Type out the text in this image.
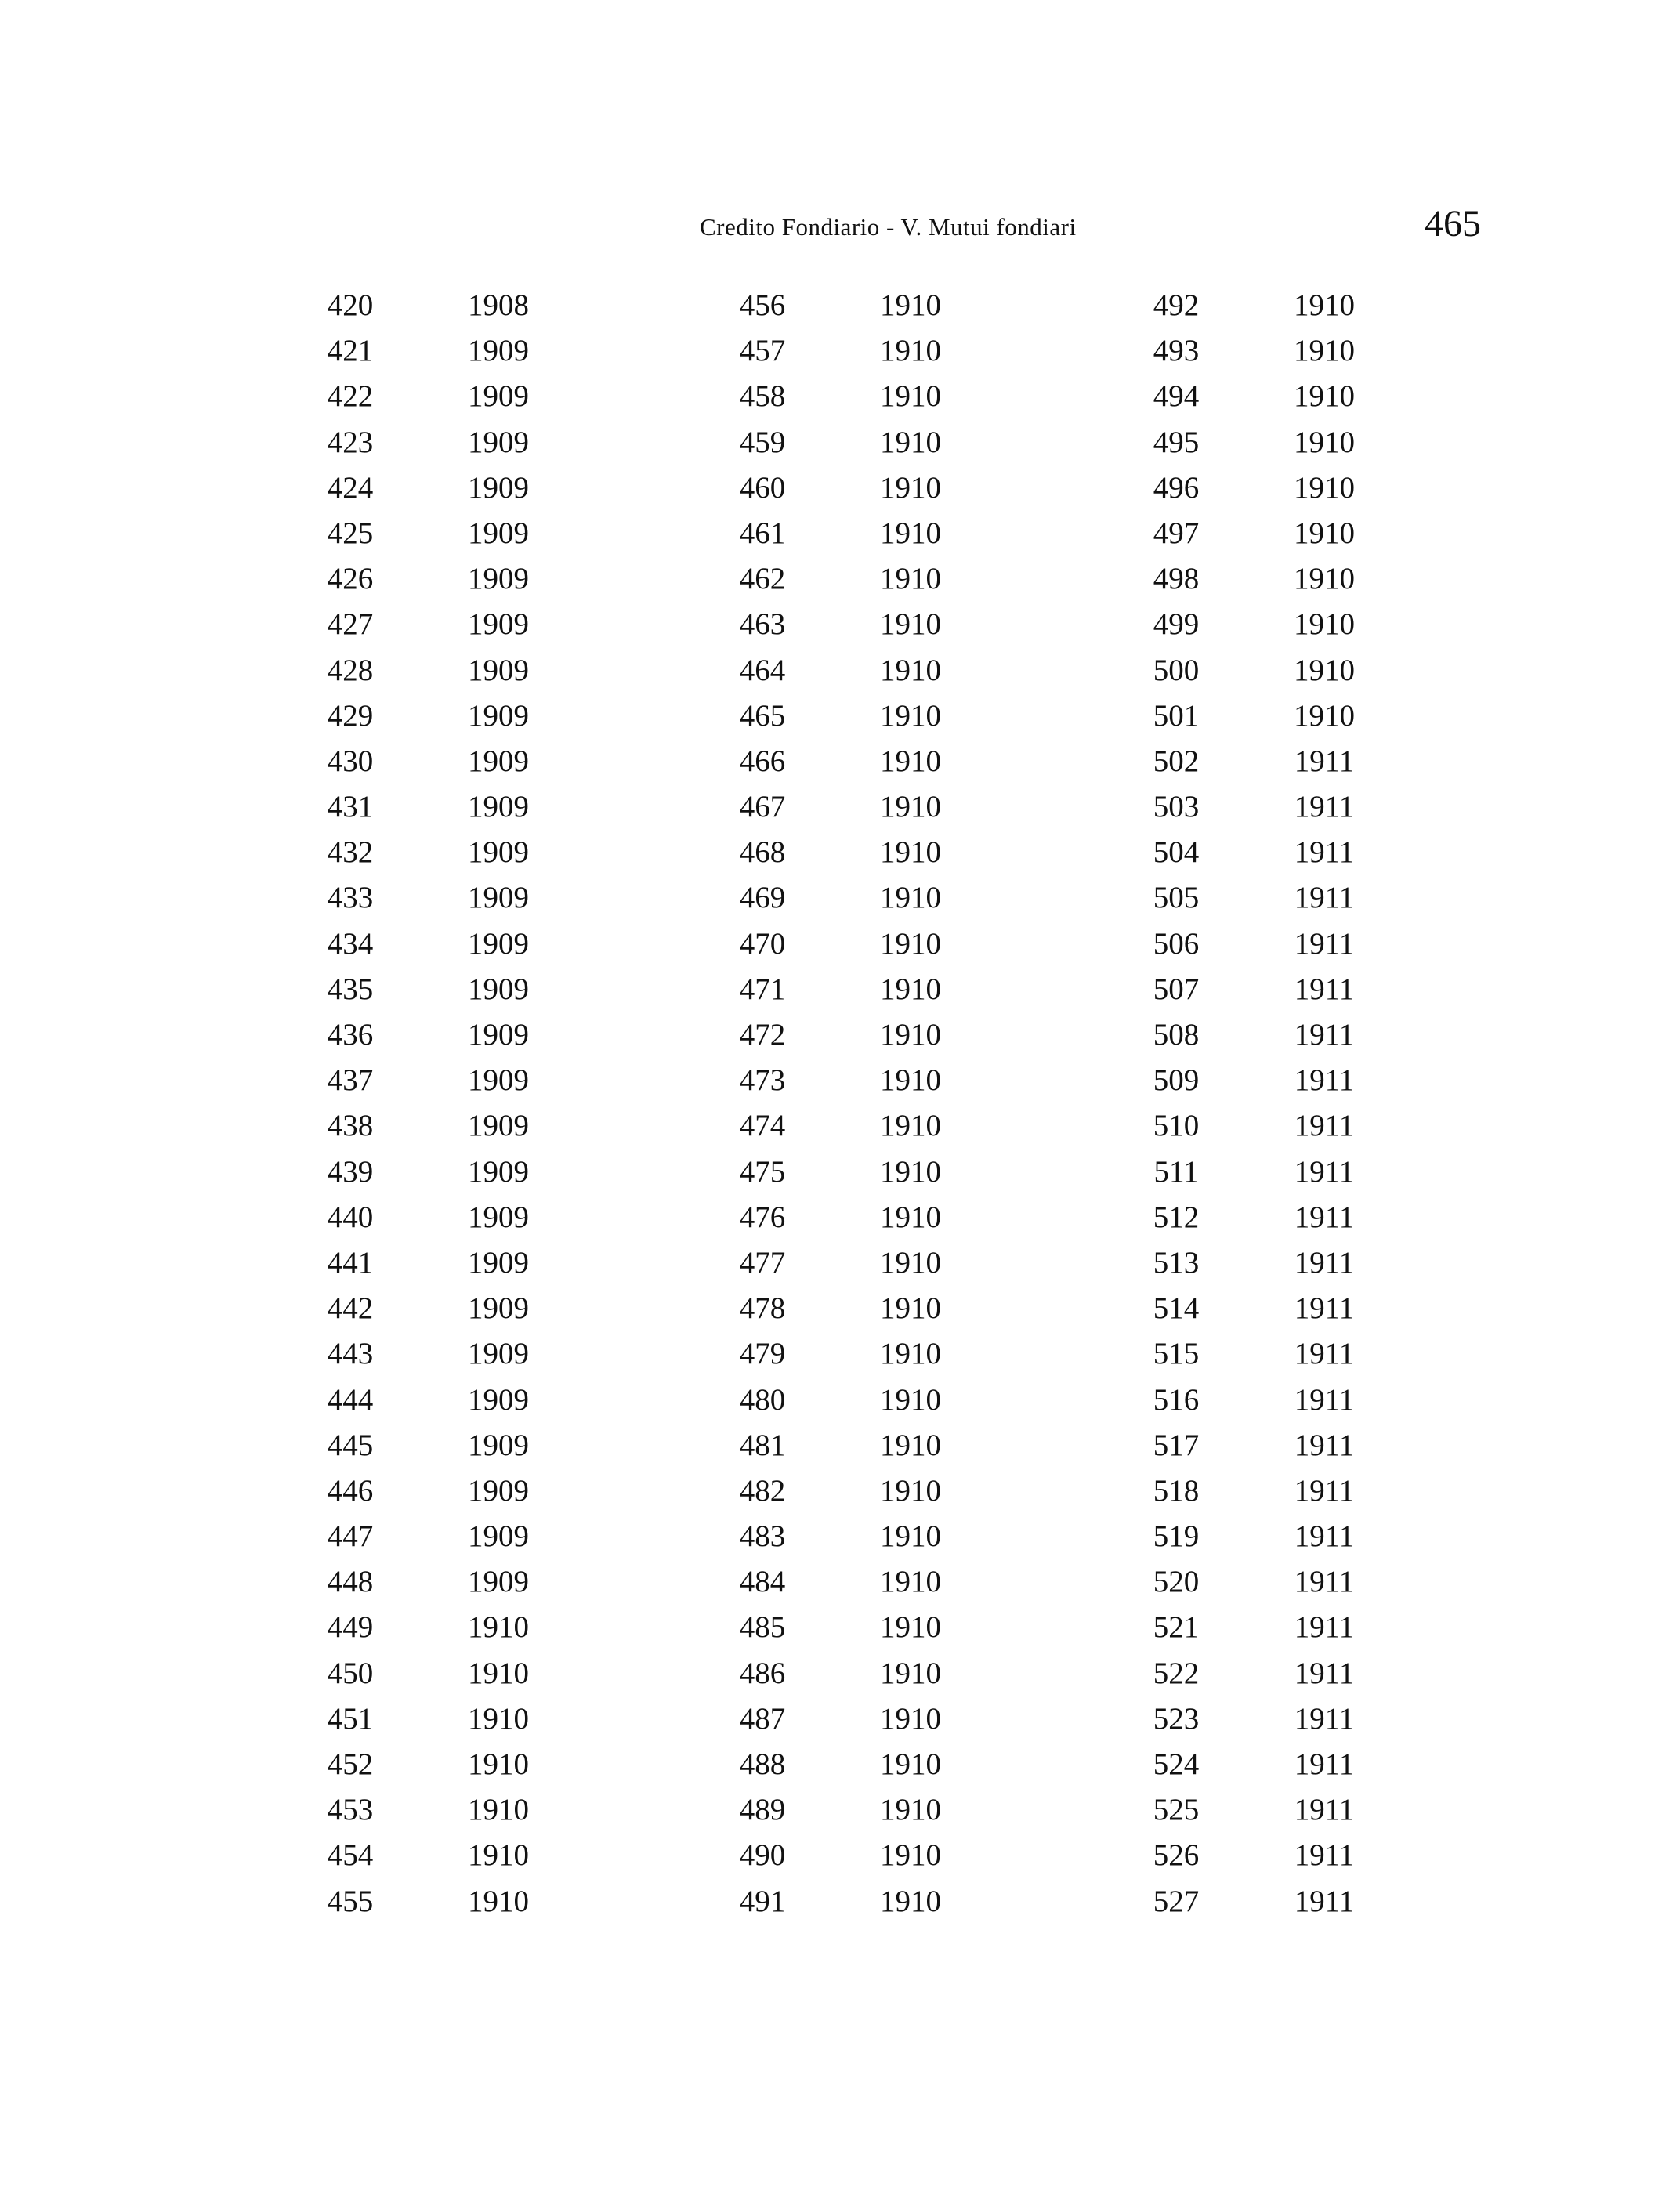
Credito Fondiario - V. Mutui fondiari	465
420	1908
421	1909
422	1909
423	1909
424	1909
425	1909
426	1909
427	1909
428	1909
429	1909
430	1909
431	1909
432	1909
433	1909
434	1909
435	1909
436	1909
437	1909
438	1909
439	1909
440	1909
441	1909
442	1909
443	1909
444	1909
445	1909
446	1909
447	1909
448	1909
449	1910
450	1910
451	1910
452	1910
453	1910
454	1910
455	1910
456	1910
457	1910
458	1910
459	1910
460	1910
461	1910
462	1910
463	1910
464	1910
465	1910
466	1910
467	1910
468	1910
469	1910
470	1910
471	1910
472	1910
473	1910
474	1910
475	1910
476	1910
477	1910
478	1910
479	1910
480	1910
481	1910
482	1910
483	1910
484	1910
485	1910
486	1910
487	1910
488	1910
489	1910
490	1910
491	1910
492	1910
493	1910
494	1910
495	1910
496	1910
497	1910
498	1910
499	1910
500	1910
501	1910
502	1911
503	1911
504	1911
505	1911
506	1911
507	1911
508	1911
509	1911
510	1911
511	1911
512	1911
513	1911
514	1911
515	1911
516	1911
517	1911
518	1911
519	1911
520	1911
521	1911
522	1911
523	1911
524	1911
525	1911
526	1911
527	1911
